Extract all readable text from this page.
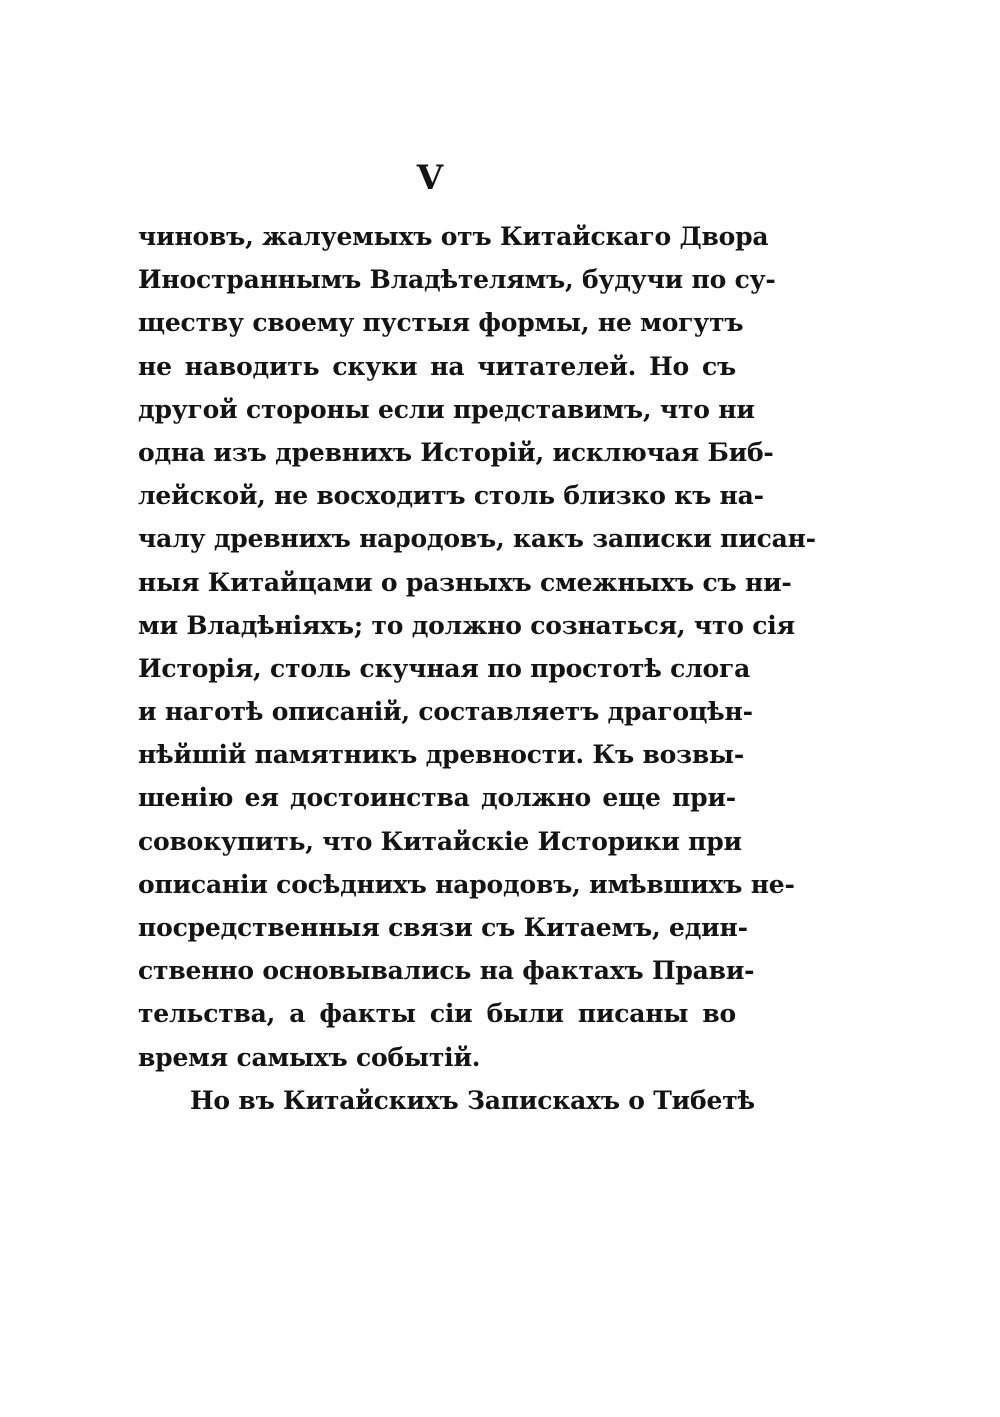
V
чиновъ, жалуемыхъ отъ Китайскаго Двора
Иностраннымъ Владѣтелямъ, будучи по су-
ществу своему пустыя формы, не могутъ
не наводить скуки на читателей. Но съ
другой стороны если представимъ, что ни
одна изъ древнихъ Исторій, исключая Биб-
лейской, не восходитъ столь близко къ на-
чалу древнихъ народовъ, какъ записки писан-
ныя Китайцами о разныхъ смежныхъ съ ни-
ми Владѣніяхъ; то должно сознаться, что сія
Исторія, столь скучная по простотѣ слога
и наготѣ описаній, составляетъ драгоцѣн-
нѣйшій памятникъ древности. Къ возвы-
шенію ея достоинства должно еще при-
совокупить, что Китайскіе Историки при
описаніи сосѣднихъ народовъ, имѣвшихъ не-
посредственныя связи съ Китаемъ, един-
ственно основывались на фактахъ Прави-
тельства, а факты сіи были писаны во
время самыхъ событій.
Но въ Китайскихъ Запискахъ о Тибетѣ
